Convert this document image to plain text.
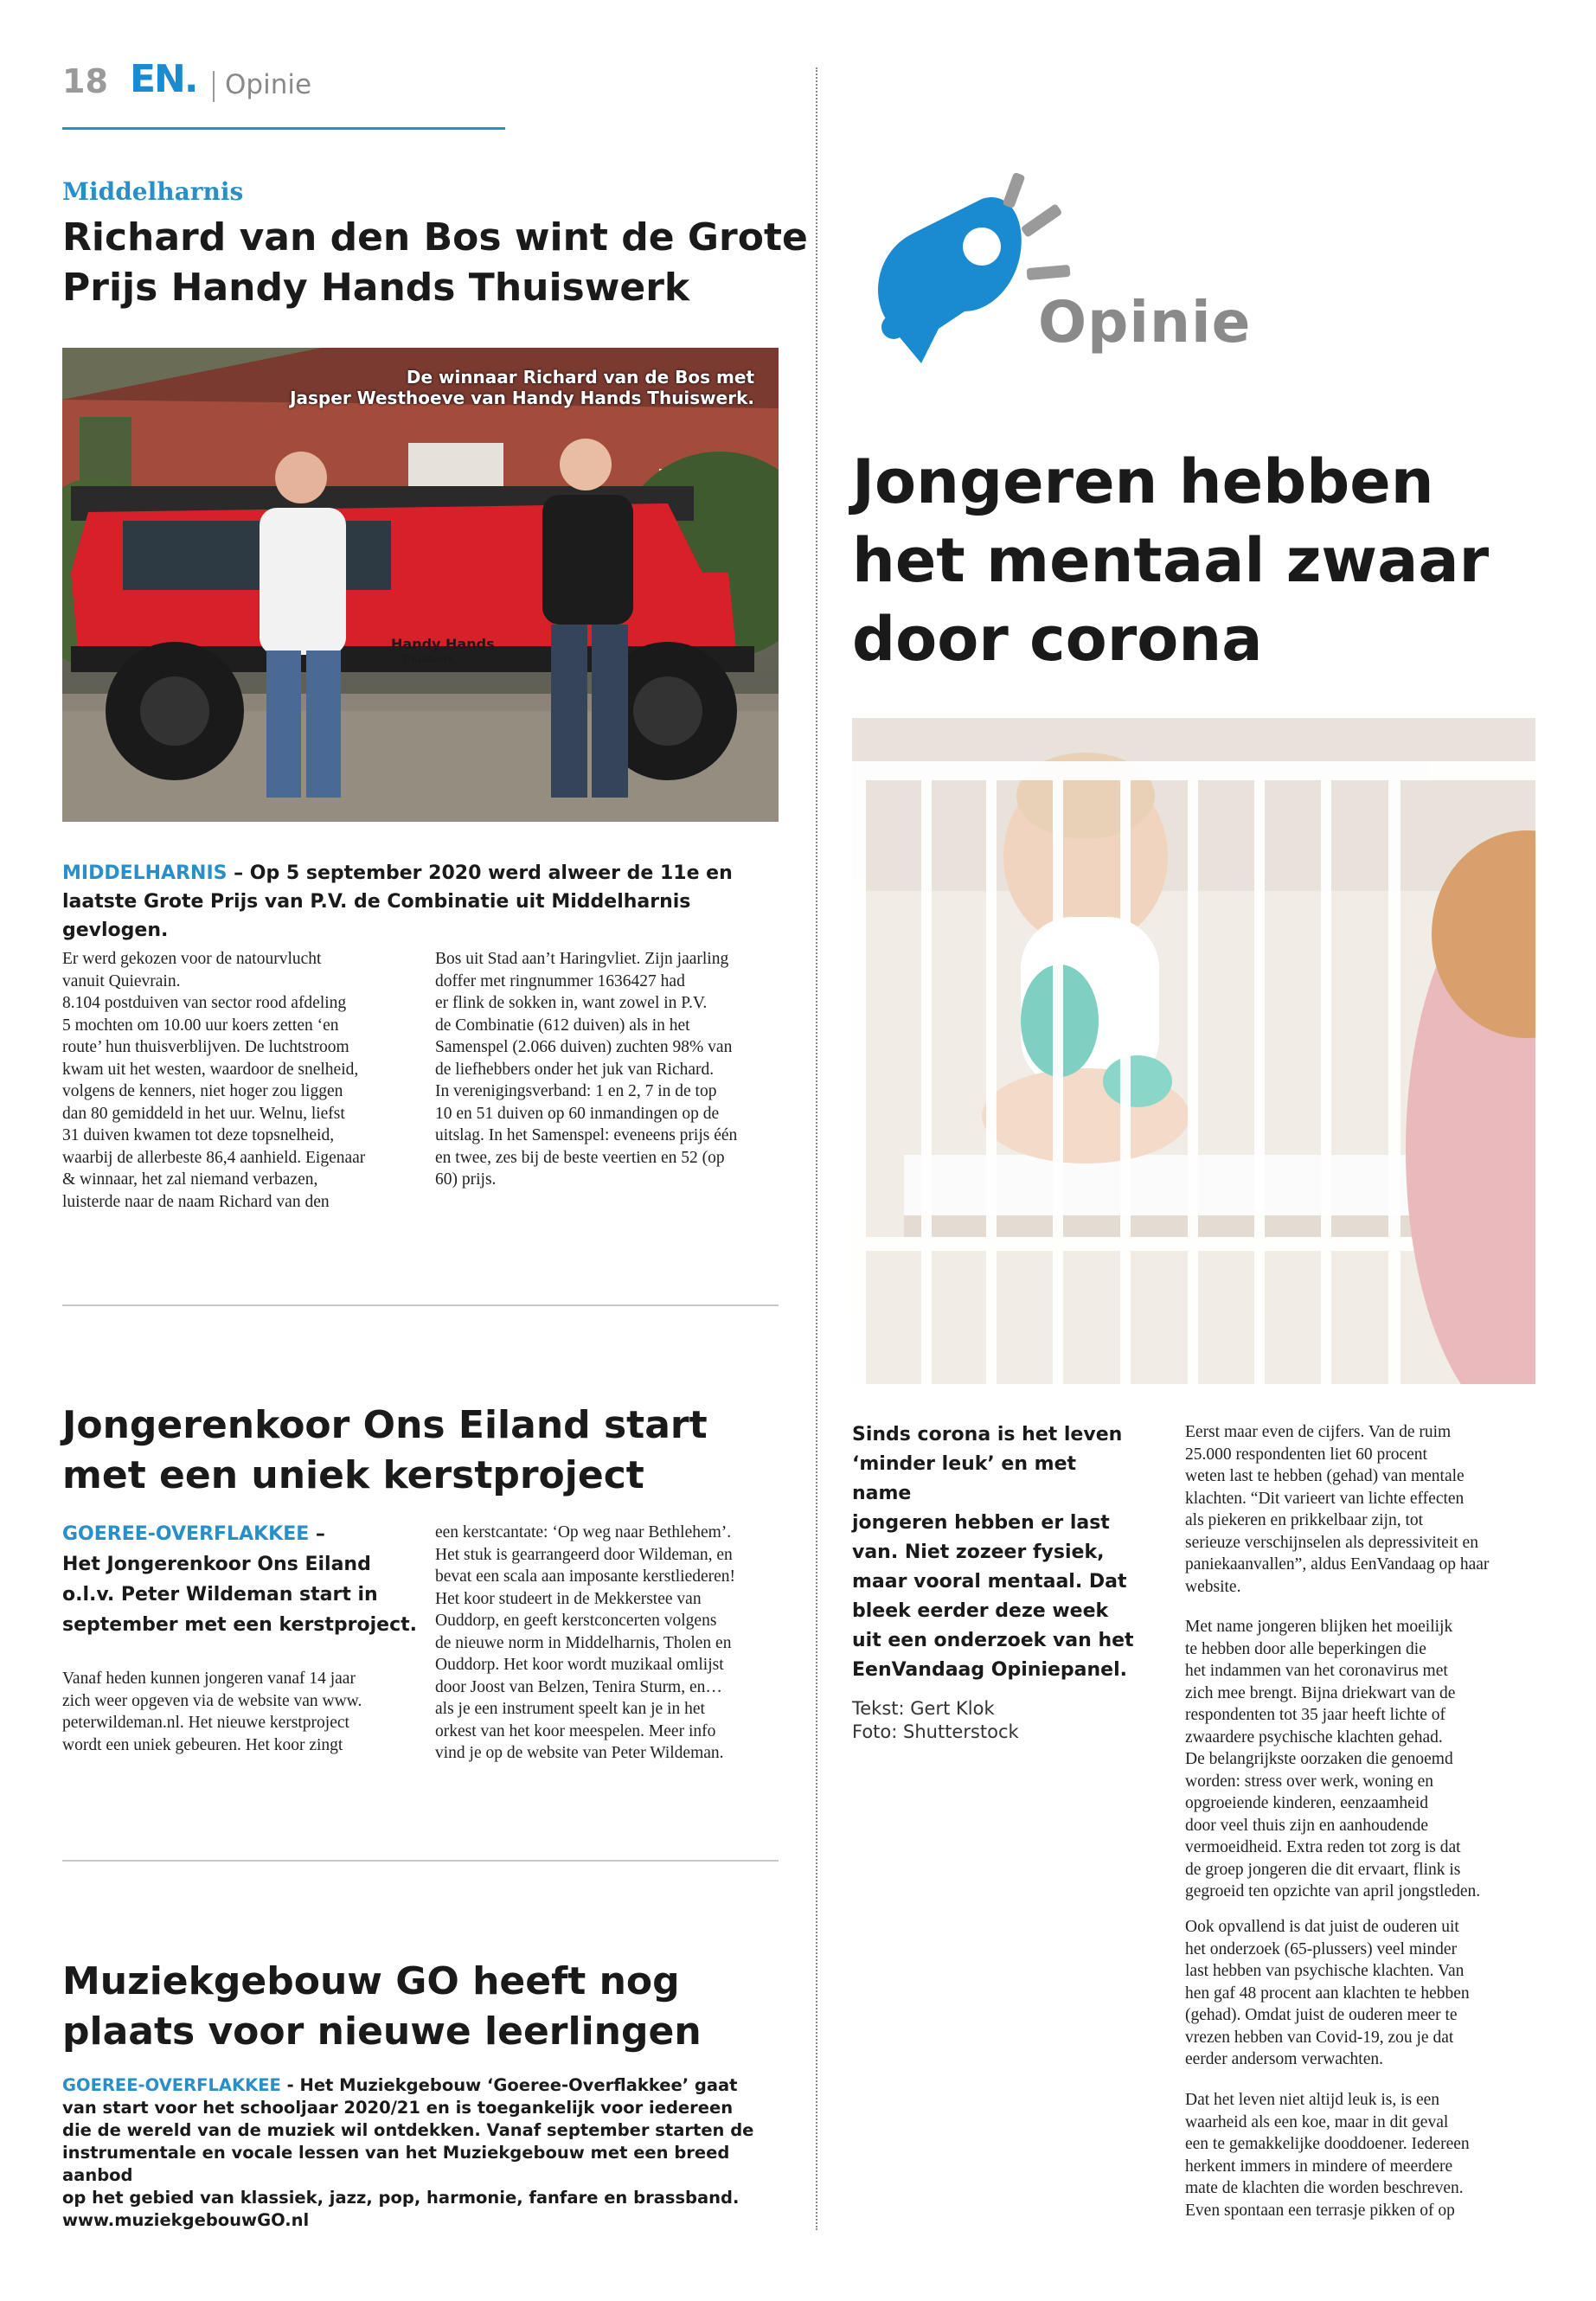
18 EN. Opinie
Middelharnis
Richard van den Bos wint de Grote
Prijs Handy Hands Thuiswerk
Handy Hands
Thuiswerk
De winnaar Richard van de Bos met
Jasper Westhoeve van Handy Hands Thuiswerk.
MIDDELHARNIS – Op 5 september 2020 werd alweer de 11e en
laatste Grote Prijs van P.V. de Combinatie uit Middelharnis gevlogen.
Er werd gekozen voor de natourvlucht
vanuit Quievrain.
8.104 postduiven van sector rood afdeling
5 mochten om 10.00 uur koers zetten ‘en
route’ hun thuisverblijven. De luchtstroom
kwam uit het westen, waardoor de snelheid,
volgens de kenners, niet hoger zou liggen
dan 80 gemiddeld in het uur. Welnu, liefst
31 duiven kwamen tot deze topsnelheid,
waarbij de allerbeste 86,4 aanhield. Eigenaar
& winnaar, het zal niemand verbazen,
luisterde naar de naam Richard van den
Bos uit Stad aan’t Haringvliet. Zijn jaarling
doffer met ringnummer 1636427 had
er flink de sokken in, want zowel in P.V.
de Combinatie (612 duiven) als in het
Samenspel (2.066 duiven) zuchten 98% van
de liefhebbers onder het juk van Richard.
In verenigingsverband: 1 en 2, 7 in de top
10 en 51 duiven op 60 inmandingen op de
uitslag. In het Samenspel: eveneens prijs één
en twee, zes bij de beste veertien en 52 (op
60) prijs.
Jongerenkoor Ons Eiland start
met een uniek kerstproject
GOEREE-OVERFLAKKEE –
Het Jongerenkoor Ons Eiland
o.l.v. Peter Wildeman start in
september met een kerstproject.
Vanaf heden kunnen jongeren vanaf 14 jaar
zich weer opgeven via de website van www.
peterwildeman.nl. Het nieuwe kerstproject
wordt een uniek gebeuren. Het koor zingt
een kerstcantate: ‘Op weg naar Bethlehem’.
Het stuk is gearrangeerd door Wildeman, en
bevat een scala aan imposante kerstliederen!
Het koor studeert in de Mekkerstee van
Ouddorp, en geeft kerstconcerten volgens
de nieuwe norm in Middelharnis, Tholen en
Ouddorp. Het koor wordt muzikaal omlijst
door Joost van Belzen, Tenira Sturm, en…
als je een instrument speelt kan je in het
orkest van het koor meespelen. Meer info
vind je op de website van Peter Wildeman.
Muziekgebouw GO heeft nog
plaats voor nieuwe leerlingen
GOEREE-OVERFLAKKEE - Het Muziekgebouw ‘Goeree-Overflakkee’ gaat
van start voor het schooljaar 2020/21 en is toegankelijk voor iedereen
die de wereld van de muziek wil ontdekken. Vanaf september starten de
instrumentale en vocale lessen van het Muziekgebouw met een breed aanbod
op het gebied van klassiek, jazz, pop, harmonie, fanfare en brassband.
www.muziekgebouwGO.nl
Opinie
Jongeren hebben
het mentaal zwaar
door corona
Sinds corona is het leven
‘minder leuk’ en met name
jongeren hebben er last
van. Niet zozeer fysiek,
maar vooral mentaal. Dat
bleek eerder deze week
uit een onderzoek van het
EenVandaag Opiniepanel.
Tekst: Gert Klok
Foto: Shutterstock
Eerst maar even de cijfers. Van de ruim
25.000 respondenten liet 60 procent
weten last te hebben (gehad) van mentale
klachten. “Dit varieert van lichte effecten
als piekeren en prikkelbaar zijn, tot
serieuze verschijnselen als depressiviteit en
paniekaanvallen”, aldus EenVandaag op haar
website.
Met name jongeren blijken het moeilijk
te hebben door alle beperkingen die
het indammen van het coronavirus met
zich mee brengt. Bijna driekwart van de
respondenten tot 35 jaar heeft lichte of
zwaardere psychische klachten gehad.
De belangrijkste oorzaken die genoemd
worden: stress over werk, woning en
opgroeiende kinderen, eenzaamheid
door veel thuis zijn en aanhoudende
vermoeidheid. Extra reden tot zorg is dat
de groep jongeren die dit ervaart, flink is
gegroeid ten opzichte van april jongstleden.
Ook opvallend is dat juist de ouderen uit
het onderzoek (65-plussers) veel minder
last hebben van psychische klachten. Van
hen gaf 48 procent aan klachten te hebben
(gehad). Omdat juist de ouderen meer te
vrezen hebben van Covid-19, zou je dat
eerder andersom verwachten.
Dat het leven niet altijd leuk is, is een
waarheid als een koe, maar in dit geval
een te gemakkelijke dooddoener. Iedereen
herkent immers in mindere of meerdere
mate de klachten die worden beschreven.
Even spontaan een terrasje pikken of op
